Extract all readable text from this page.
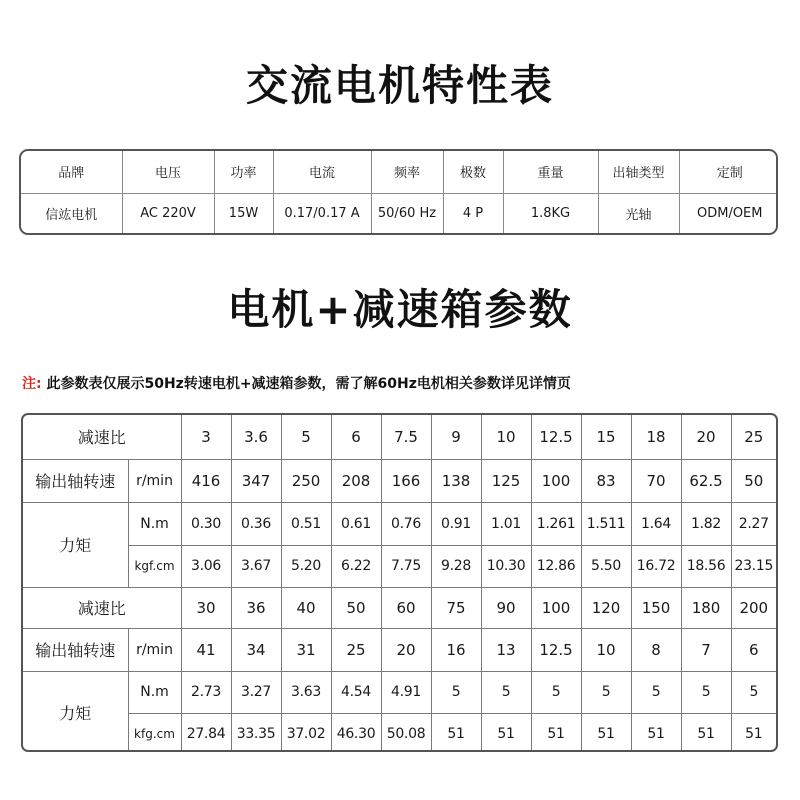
交流电机特性表
品牌	电压	功率	电流	频率	极数	重量	出轴类型	定制
信竑电机	AC 220V	15W	0.17/0.17 A	50/60 Hz	4 P	1.8KG	光轴	ODM/OEM
电机+减速箱参数
注: 此参数表仅展示50Hz转速电机+减速箱参数，需了解60Hz电机相关参数详见详情页
减速比		3	3.6	5	6	7.5	9	10	12.5	15	18	20	25
输出轴转速	r/min	416	347	250	208	166	138	125	100	83	70	62.5	50
力矩	N.m	0.30	0.36	0.51	0.61	0.76	0.91	1.01	1.261	1.511	1.64	1.82	2.27
	kgf.cm	3.06	3.67	5.20	6.22	7.75	9.28	10.30	12.86	5.50	16.72	18.56	23.15
减速比		30	36	40	50	60	75	90	100	120	150	180	200
输出轴转速	r/min	41	34	31	25	20	16	13	12.5	10	8	7	6
力矩	N.m	2.73	3.27	3.63	4.54	4.91	5	5	5	5	5	5	5
	kfg.cm	27.84	33.35	37.02	46.30	50.08	51	51	51	51	51	51	51
